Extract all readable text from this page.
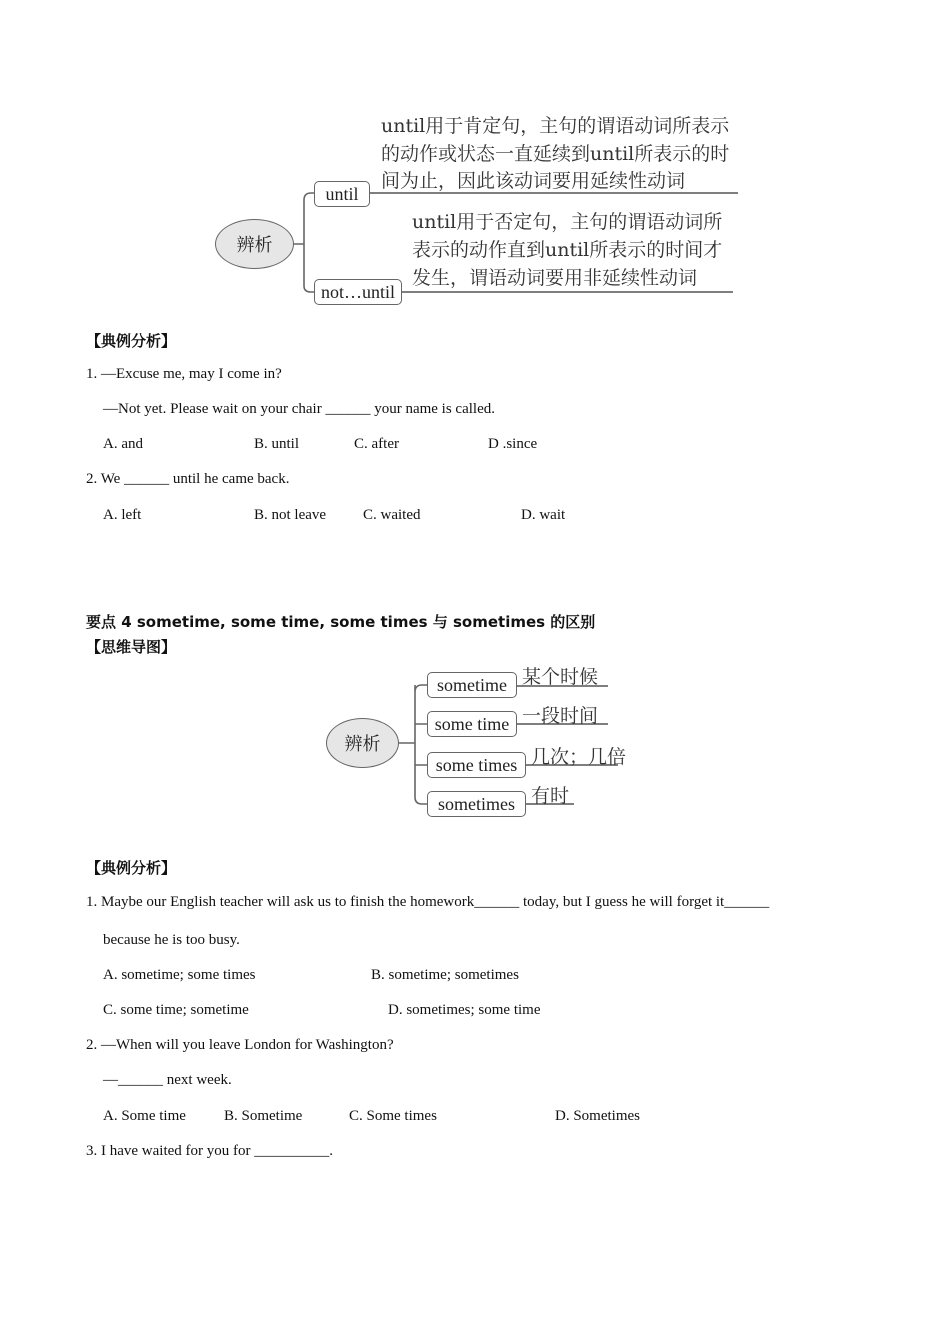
辨析
until
not…until
until用于肯定句，主句的谓语动词所表示
的动作或状态一直延续到until所表示的时
间为止，因此该动词要用延续性动词
until用于否定句，主句的谓语动词所
表示的动作直到until所表示的时间才
发生，谓语动词要用非延续性动词
【典例分析】
1. —Excuse me, may I come in?
—Not yet. Please wait on your chair ______ your name is called.
A. and	B. until	C. after	D .since
2. We ______ until he came back.
A. left	B. not leave C. waited	D. wait
要点 4 sometime, some time, some times 与 sometimes 的区别
【思维导图】
辨析
sometime
some time
some times
sometimes
某个时候
一段时间
几次；几倍
有时
【典例分析】
1. Maybe our English teacher will ask us to finish the homework______ today, but I guess he will forget it______
because he is too busy.
A. sometime; some times	B. sometime; sometimes
C. some time; sometime	D. sometimes; some time
2. —When will you leave London for Washington?
—______ next week.
A. Some time	B. Sometime	C. Some times	D. Sometimes
3. I have waited for you for __________.
